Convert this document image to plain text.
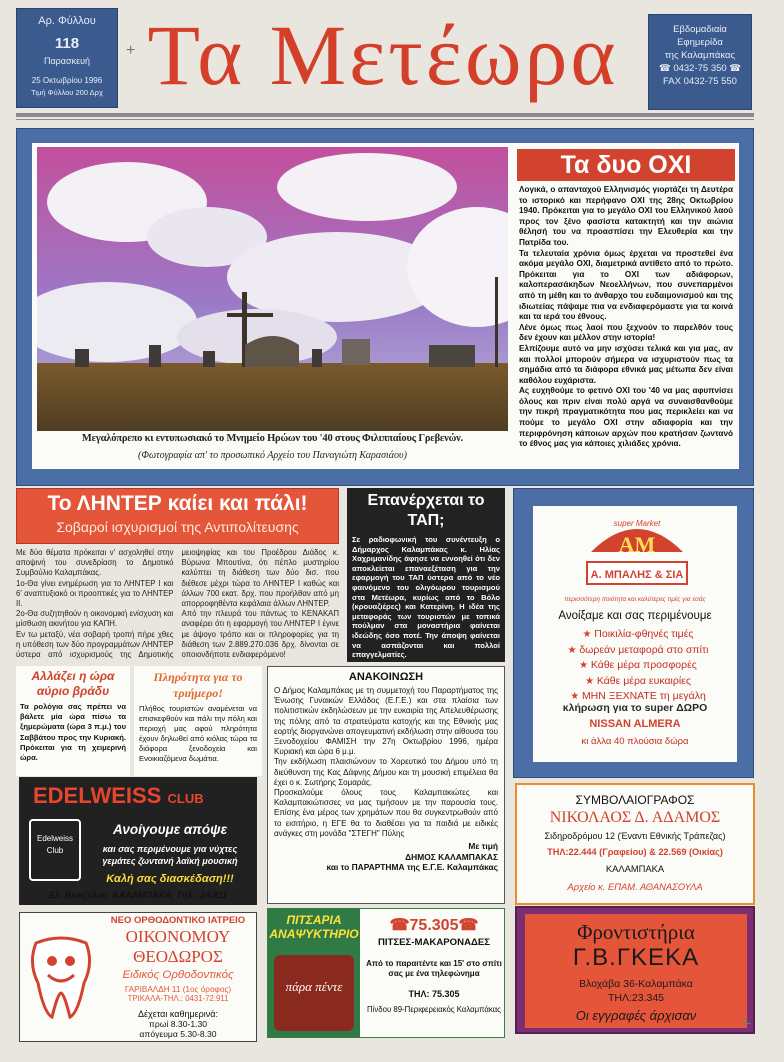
Αρ. Φύλλου
118
Παρασκευή
25 Οκτωβρίου 1996
Τιμή Φύλλου 200 Δρχ
+ Τα Μετέωρα	Εβδομαδιαία
Εφημερίδα
της Καλαμπάκας
☎ 0432-75 350 ☎
FAX 0432-75 550
Μεγαλόπρεπο κι εντυπωσιακό το Μνημείο Ηρώων του '40 στους Φιλιππαίους Γρεβενών.
(Φωτογραφία απ' το προσωπικό Αρχείο του Παναγιώτη Καρασιάου)
Τα δυο ΟΧΙ

Λογικά, ο απανταχού Ελληνισμός γιορτάζει τη Δευτέρα το ιστορικό και περήφανο ΟΧΙ της 28ης Οκτωβρίου 1940. Πρόκειται για το μεγάλο ΟΧΙ του Ελληνικού λαού προς τον ξένο φασίστα κατακτητή και την αιώνια θέλησή του να προασπίσει την Ελευθερία και την Πατρίδα του.

Τα τελευταία χρόνια όμως έρχεται να προστεθεί ένα ακόμα μεγάλο ΟΧΙ, διαμετρικά αντίθετο από το πρώτο. Πρόκειται για το ΟΧΙ των αδιάφορων, καλοπερασάκηδων Νεοελλήνων, που συνεπαρμένοι από τη μέθη και το άνθαρχο του ευδαιμονισμού και της ιδιωτείας πάψαμε πια να ενδιαφερόμαστε για τα κοινά και τα ιερά του έθνους.

Λένε όμως πως λαοί που ξεχνούν το παρελθόν τους δεν έχουν και μέλλον στην ιστορία!

Ελπίζουμε αυτό να μην ισχύσει τελικά και για μας, αν και πολλοί μπορούν σήμερα να ισχυριστούν πως τα σημάδια από τα διάφορα εθνικά μας μέτωπα δεν είναι καθόλου ευχάριστα.

Ας ευχηθούμε το φετινό ΟΧΙ του '40 να μας αφυπνίσει όλους και πριν είναι πολύ αργά να συναισθανθούμε την πικρή πραγματικότητα που μας περικλείει και να πούμε το μεγάλο ΟΧΙ στην αδιαφορία και την περιφρόνηση κάποιων αρχών που κρατήσαν ζωντανό το έθνος μας για κάποιες χιλιάδες χρόνια.

Το ΛΗΝΤΕΡ καίει και πάλι!
Σοβαροί ισχυρισμοί της Αντιπολίτευσης

Με δύο θέματα πρόκειται ν' ασχοληθεί στην αποψινή του συνεδρίαση το Δημοτικό Συμβούλιο Καλαμπάκας.

1ο-Θα γίνει ενημέρωση για το ΛΗΝΤΕΡ Ι και 6' αναπτυξιακό οι προοπτικές για το ΛΗΝΤΕΡ ΙΙ.

2ο-Θα συζητηθούν η οικονομική ενίσχυση και μίσθωση ακινήτου για ΚΑΠΗ.

Εν τω μεταξύ, νέα σοβαρή τροπή πήρε χθες η υπόθεση των δύο προγραμμάτων ΛΗΝΤΕΡ ύστερα από ισχυρισμούς της Δημοτικής μειοψηφίας και του Προέδρου Διάδος κ. Βύρωνα Μπουτίνα, ότι πέπλο μυστηρίου καλύπτει τη διάθεση των δύο δισ. που διέθεσε μέχρι τώρα το ΛΗΝΤΕΡ Ι καθώς και άλλων 700 εκατ. δρχ. που προήλθαν από μη απορροφηθέντα κεφάλαια άλλων ΛΗΝΤΕΡ.

Από την πλευρά του πάντως το ΚΕΝΑΚΑΠ αναφέρει ότι η εφαρμογή του ΛΗΝΤΕΡ Ι έγινε με άψογο τρόπο και οι πληροφορίες για τη διάθεση των 2.889.270.036 δρχ. δίνονται σε οποιονδήποτε ενδιαφερόμενο!

Αλλάζει η ώρα αύριο βράδυ
Τα ρολόγια σας πρέπει να βάλετε μία ώρα πίσω τα ξημερώματα (ώρα 3 π.μ.) του Σαββάτου προς την Κυριακή. Πρόκειται για τη χειμερινή ώρα.
Πληρότητα για το τριήμερο!
Πλήθος τουριστών αναμένεται να επισκεφθούν και πάλι την πόλη και περιοχή μας αφού πληρότητα έχουν δηλωθεί από κιόλας τώρα τα διάφορα ξενοδοχεία και Ενοικιαζόμενα δωμάτια.
EDELWEISS CLUB
Edelweiss Club
Ανοίγουμε απόψε
και σας περιμένουμε για νύχτες γεμάτες ζωντανή λαϊκή μουσική
Καλή σας διασκέδαση!!!
Ελ. Βενιζέλου, ΚΑΛΑΜΠΑΚΑ, Τηλ.: 24.811
ΝΕΟ ΟΡΘΟΔΟΝΤΙΚΟ ΙΑΤΡΕΙΟ
ΟΙΚΟΝΟΜΟΥ
ΘΕΟΔΩΡΟΣ
Ειδικός Ορθοδοντικός
ΓΑΡΙΒΑΛΔΗ 11 (1ος όροφος)
ΤΡΙΚΑΛΑ-ΤΗΛ.: 0431-72.911
Δέχεται καθημερινά:
πρωί 8.30-1.30
απόγευμα 5.30-8.30
Επανέρχεται το ΤΑΠ;
Σε ραδιοφωνική του συνέντευξη ο Δήμαρχος Καλαμπάκας κ. Ηλίας Χαχριμανίδης άφησε να εννοηθεί ότι δεν αποκλείεται επαναεξέταση για την εφαρμογή του ΤΑΠ ύστερα από το νέο φαινόμενο του ολιγόωρου τουρισμού στα Μετέωρα, κυρίως από το Βόλο (κρουαζιέρες) και Κατερίνη. Η ιδέα της μεταφοράς των τουριστών με τοπικά πούλμαν στα μοναστήρια φαίνεται ιδεώδης όσο ποτέ. Την άποψη φαίνεται να ασπάζονται και πολλοί επαγγελματίες.
ΑΝΑΚΟΙΝΩΣΗ

Ο Δήμος Καλαμπάκας με τη συμμετοχή του Παραρτήματος της Ένωσης Γυναικών Ελλάδος (Ε.Γ.Ε.) και στα πλαίσια των πολιτιστικών εκδηλώσεων με την ευκαιρία της Απελευθέρωσης της πόλης από τα στρατεύματα κατοχής και της Εθνικής μας εορτής διοργανώνει απογευματινή εκδήλωση στην αίθουσα του Ξενοδοχείου ΦΑΜΙΣΗ την 27η Οκτωβρίου 1996, ημέρα Κυριακή και ώρα 6 μ.μ.

Την εκδήλωση πλαισιώνουν το Χορευτικό του Δήμου υπό τη διεύθυνση της Κας Δάφνης Δήμου και τη μουσική επιμέλεια θα έχει ο κ. Σωτήρης Σομαράς.

Προσκαλούμε όλους τους Καλαμπακιώτες και Καλαμπακιώτισσες να μας τιμήσουν με την παρουσία τους. Επίσης ένα μέρος των χρημάτων που θα συγκεντρωθούν από το εισιτήριο, η ΕΓΕ θα το διαθέσει για τα παιδιά με ειδικές ανάγκες στη μονάδα "ΣΤΕΓΗ" Πύλης

Με τιμή
ΔΗΜΟΣ ΚΑΛΑΜΠΑΚΑΣ
και το ΠΑΡΑΡΤΗΜΑ της Ε.Γ.Ε. Καλαμπάκας
ΠΙΤΣΑΡΙΑ ΑΝΑΨΥΚΤΗΡΙΟ
πάρα πέντε
☎75.305☎
ΠΙΤΣΕΣ-ΜΑΚΑΡΟΝΑΔΕΣ
Από το παραιτέντε και 15' στο σπίτι σας με ένα τηλεφώνημα
ΤΗΛ: 75.305
Πίνδου 89-Περιφερειακός Καλαμπάκας
super Market
ΑΜ
Α. ΜΠΑΛΗΣ & ΣΙΑ
περισσότερη ποιότητα και καλύτερες τιμές για εσάς
Ανοίξαμε και σας περιμένουμε
★ Ποικιλία-φθηνές τιμές
★ δωρεάν μεταφορά στο σπίτι
★ Κάθε μέρα προσφορές
★ Κάθε μέρα ευκαιρίες
★ ΜΗΝ ΞΕΧΝΑΤΕ τη μεγάλη
κλήρωση για το super ΔΩΡΟ
NISSAN ALMERA
κι άλλα 40 πλούσια δώρα
ΣΥΜΒΟΛΑΙΟΓΡΑΦΟΣ
ΝΙΚΟΛΑΟΣ Δ. ΑΔΑΜΟΣ
Σιδηροδρόμου 12 (Έναντι Εθνικής Τράπεζας)
ΤΗΛ:22.444 (Γραφείου) & 22.569 (Οικίας)
ΚΑΛΑΜΠΑΚΑ
Αρχείο κ. ΕΠΑΜ. ΑΘΑΝΑΣΟΥΛΑ
Φροντιστήρια
Γ.Β.ΓΚΕΚΑ
Βλοχάβα 36-Καλαμπάκα
ΤΗΛ:23.345
Οι εγγραφές άρχισαν
+
